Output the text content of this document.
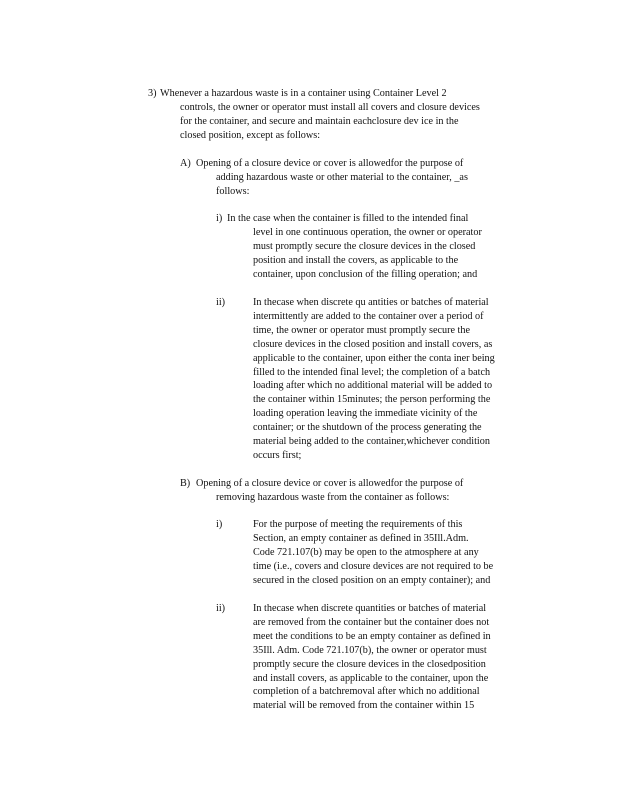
3) Whenever a hazardous waste is in a container using Container Level 2
controls, the owner or operator must install all covers and closure devices
for the container, and secure and maintain eachclosure dev ice in the
closed position, except as follows:
A) Opening of a closure device or cover is allowedfor the purpose of
adding hazardous waste or other material to the container, _as
follows:
i) In the case when the container is filled to the intended final
level in one continuous operation, the owner or operator
must promptly secure the closure devices in the closed
position and install the covers, as applicable to the
container, upon conclusion of the filling operation; and
ii)	In thecase when discrete qu antities or batches of material
intermittently are added to the container over a period of
time, the owner or operator must promptly secure the
closure devices in the closed position and install covers, as
applicable to the container, upon either the conta iner being
filled to the intended final level; the completion of a batch
loading after which no additional material will be added to
the container within 15minutes; the person performing the
loading operation leaving the immediate vicinity of the
container; or the shutdown of the process generating the
material being added to the container,whichever condition
occurs first;
B) Opening of a closure device or cover is allowedfor the purpose of
removing hazardous waste from the container as follows:
i)	For the purpose of meeting the requirements of this
Section, an empty container as defined in 35Ill.Adm.
Code 721.107(b) may be open to the atmosphere at any
time (i.e., covers and closure devices are not required to be
secured in the closed position on an empty container); and
ii)	In thecase when discrete quantities or batches of material
are removed from the container but the container does not
meet the conditions to be an empty container as defined in
35Ill. Adm. Code 721.107(b), the owner or operator must
promptly secure the closure devices in the closedposition
and install covers, as applicable to the container, upon the
completion of a batchremoval after which no additional
material will be removed from the container within 15
